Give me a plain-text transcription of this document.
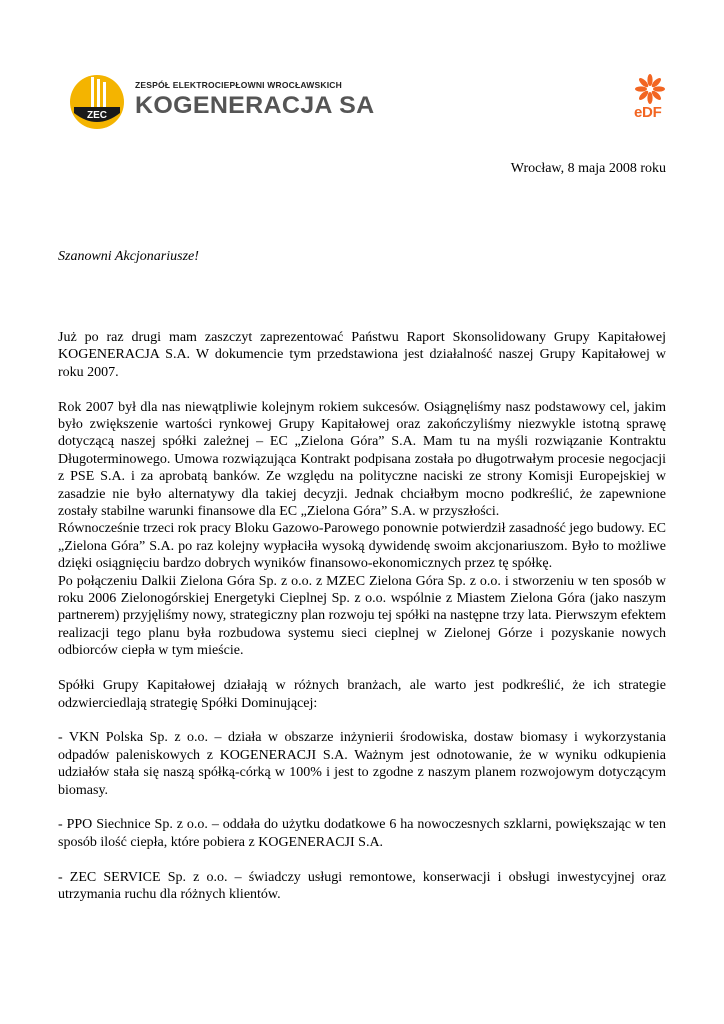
ZEC
ZESPÓŁ ELEKTROCIEPŁOWNI WROCŁAWSKICH
KOGENERACJA SA	eDF
Wrocław, 8 maja 2008 roku
Szanowni Akcjonariusze!

Już po raz drugi mam zaszczyt zaprezentować Państwu Raport Skonsolidowany Grupy Kapitałowej KOGENERACJA S.A. W dokumencie tym przedstawiona jest działalność naszej Grupy Kapitałowej w roku 2007.

Rok 2007 był dla nas niewątpliwie kolejnym rokiem sukcesów. Osiągnęliśmy nasz podstawowy cel, jakim było zwiększenie wartości rynkowej Grupy Kapitałowej oraz zakończyliśmy niezwykle istotną sprawę dotyczącą naszej spółki zależnej – EC „Zielona Góra” S.A. Mam tu na myśli rozwiązanie Kontraktu Długoterminowego. Umowa rozwiązująca Kontrakt podpisana została po długotrwałym procesie negocjacji z PSE S.A. i za aprobatą banków. Ze względu na polityczne naciski ze strony Komisji Europejskiej w zasadzie nie było alternatywy dla takiej decyzji. Jednak chciałbym mocno podkreślić, że zapewnione zostały stabilne warunki finansowe dla EC „Zielona Góra” S.A. w przyszłości.

Równocześnie trzeci rok pracy Bloku Gazowo-Parowego ponownie potwierdził zasadność jego budowy. EC „Zielona Góra” S.A. po raz kolejny wypłaciła wysoką dywidendę swoim akcjonariuszom. Było to możliwe dzięki osiągnięciu bardzo dobrych wyników finansowo-ekonomicznych przez tę spółkę.

Po połączeniu Dalkii Zielona Góra Sp. z o.o. z MZEC Zielona Góra Sp. z o.o. i stworzeniu w ten sposób w roku 2006 Zielonogórskiej Energetyki Cieplnej Sp. z o.o. wspólnie z Miastem Zielona Góra (jako naszym partnerem) przyjęliśmy nowy, strategiczny plan rozwoju tej spółki na następne trzy lata. Pierwszym efektem realizacji tego planu była rozbudowa systemu sieci cieplnej w Zielonej Górze i pozyskanie nowych odbiorców ciepła w tym mieście.

Spółki Grupy Kapitałowej działają w różnych branżach, ale warto jest podkreślić, że ich strategie odzwierciedlają strategię Spółki Dominującej:

- VKN Polska Sp. z o.o. – działa w obszarze inżynierii środowiska, dostaw biomasy i wykorzystania odpadów paleniskowych z KOGENERACJI S.A. Ważnym jest odnotowanie, że w wyniku odkupienia udziałów stała się naszą spółką-córką w 100% i jest to zgodne z naszym planem rozwojowym dotyczącym biomasy.

- PPO Siechnice Sp. z o.o. – oddała do użytku dodatkowe 6 ha nowoczesnych szklarni, powiększając w ten sposób ilość ciepła, które pobiera z KOGENERACJI S.A.

- ZEC SERVICE Sp. z o.o. – świadczy usługi remontowe, konserwacji i obsługi inwestycyjnej oraz utrzymania ruchu dla różnych klientów.
